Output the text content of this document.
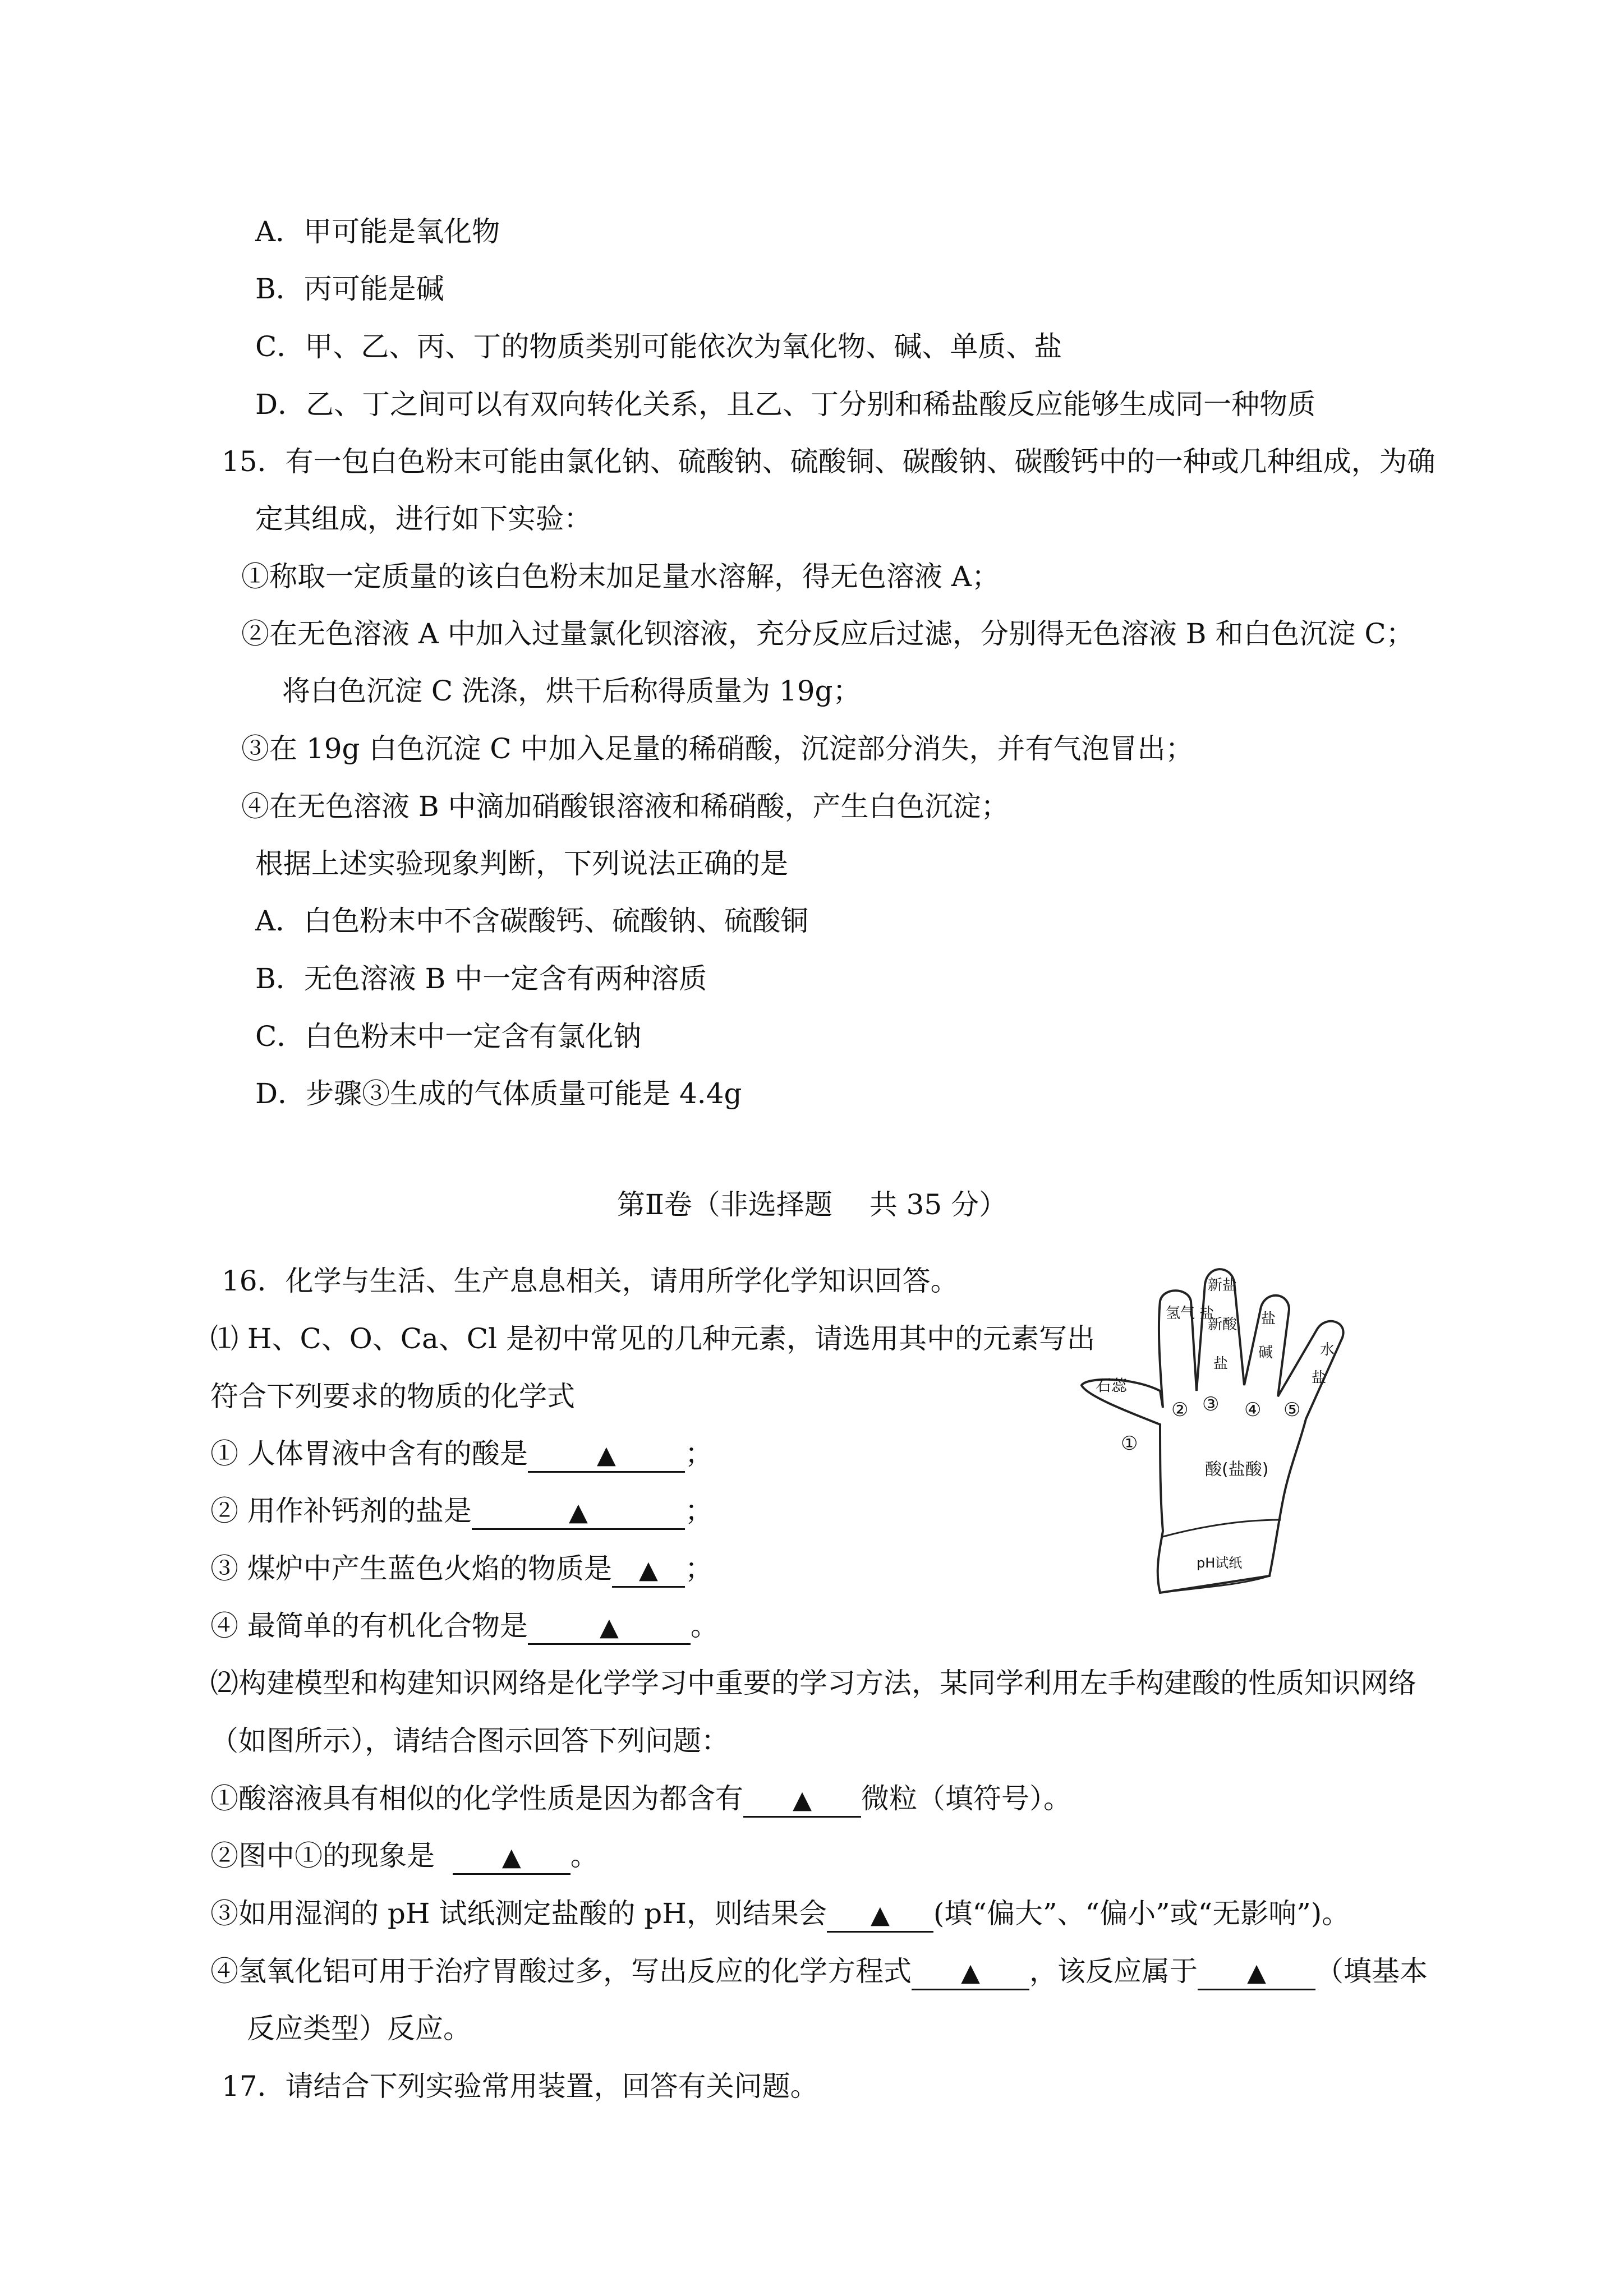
A．甲可能是氧化物
B．丙可能是碱
C．甲、乙、丙、丁的物质类别可能依次为氧化物、碱、单质、盐
D．乙、丁之间可以有双向转化关系，且乙、丁分别和稀盐酸反应能够生成同一种物质
15．有一包白色粉末可能由氯化钠、硫酸钠、硫酸铜、碳酸钠、碳酸钙中的一种或几种组成，为确
定其组成，进行如下实验：
①称取一定质量的该白色粉末加足量水溶解，得无色溶液 A；
②在无色溶液 A 中加入过量氯化钡溶液，充分反应后过滤，分别得无色溶液 B 和白色沉淀 C；
将白色沉淀 C 洗涤，烘干后称得质量为 19g；
③在 19g 白色沉淀 C 中加入足量的稀硝酸，沉淀部分消失，并有气泡冒出；
④在无色溶液 B 中滴加硝酸银溶液和稀硝酸，产生白色沉淀；
根据上述实验现象判断，下列说法正确的是
A．白色粉末中不含碳酸钙、硫酸钠、硫酸铜
B．无色溶液 B 中一定含有两种溶质
C．白色粉末中一定含有氯化钠
D．步骤③生成的气体质量可能是 4.4g
第Ⅱ卷（非选择题　 共 35 分）
16．化学与生活、生产息息相关，请用所学化学知识回答。
⑴ H、C、O、Ca、Cl 是初中常见的几种元素，请选用其中的元素写出
符合下列要求的物质的化学式
① 人体胃液中含有的酸是	▲ ；
② 用作补钙剂的盐是	▲	；
③ 煤炉中产生蓝色火焰的物质是 ▲ ；
④ 最简单的有机化合物是	▲	。
⑵构建模型和构建知识网络是化学学习中重要的学习方法，某同学利用左手构建酸的性质知识网络
（如图所示），请结合图示回答下列问题：
①酸溶液具有相似的化学性质是因为都含有 ▲ 微粒（填符号）。
②图中①的现象是	▲ 。
③如用湿润的 pH 试纸测定盐酸的 pH，则结果会 ▲ (填“偏大”、“偏小”或“无影响”)。
④氢氧化铝可用于治疗胃酸过多，写出反应的化学方程式 ▲ ，该反应属于 ▲ （填基本
反应类型）反应。
17．请结合下列实验常用装置，回答有关问题。
石蕊
氢气 盐
新盐
新酸
盐
盐
碱	水
盐
酸(盐酸)
pH试纸
①
② ③ ④ ⑤
